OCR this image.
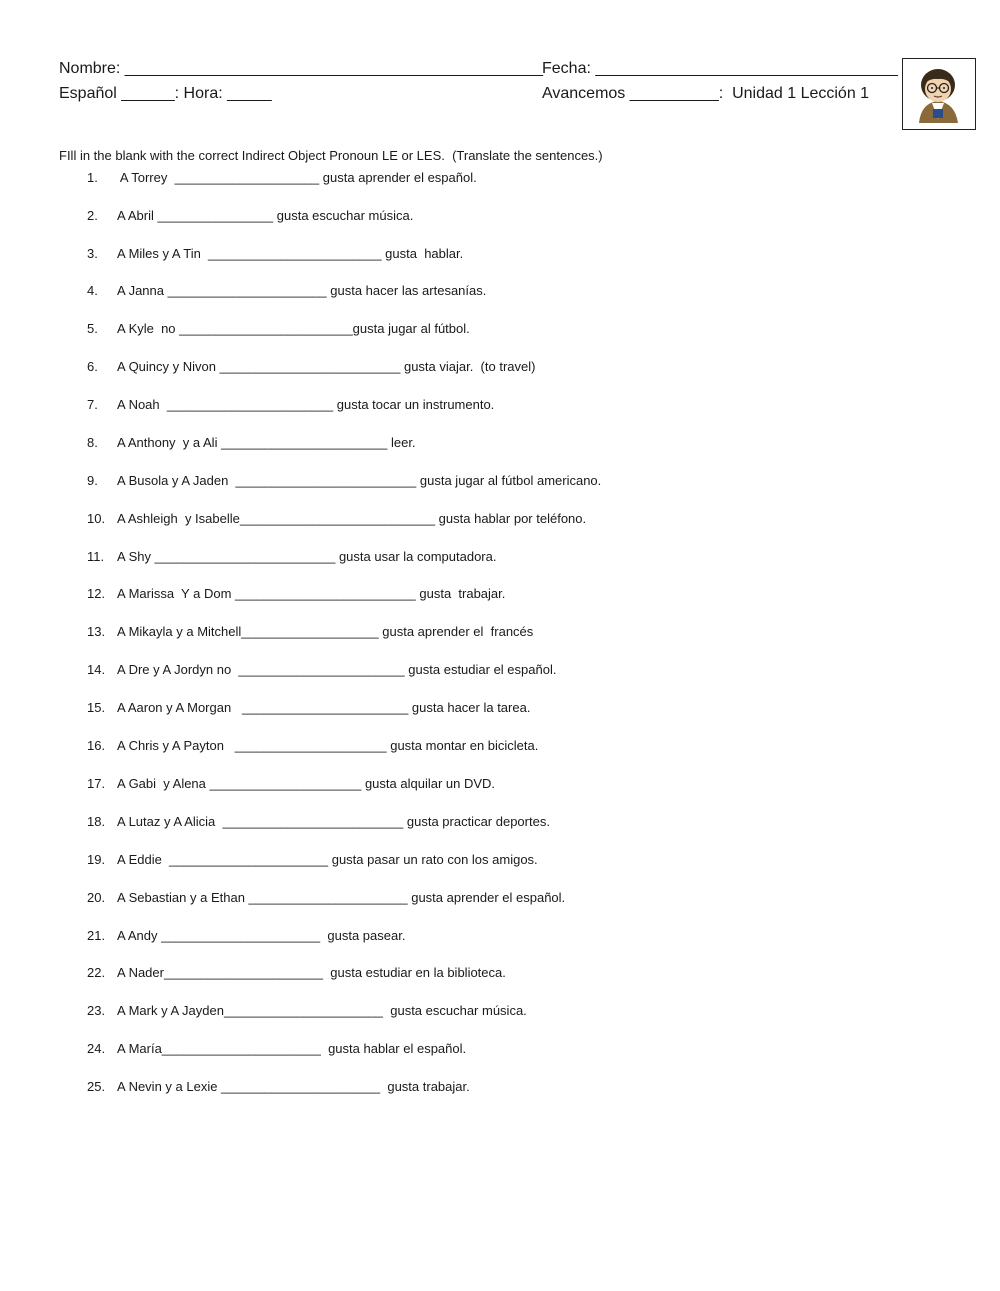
Nombre: _______________________________________________
Fecha: __________________________________
Español ______: Hora: _____	Avancemos __________:  Unidad 1 Lección 1
FIll in the blank with the correct Indirect Object Pronoun LE or LES.  (Translate the sentences.)
1. A Torrey  ____________________ gusta aprender el español.
2. A Abril ________________ gusta escuchar música.
3. A Miles y A Tin  ________________________ gusta  hablar.
4. A Janna ______________________ gusta hacer las artesanías.
5. A Kyle  no ________________________gusta jugar al fútbol.
6. A Quincy y Nivon _________________________ gusta viajar.  (to travel)
7. A Noah  _______________________ gusta tocar un instrumento.
8. A Anthony  y a Ali _______________________ leer.
9. A Busola y A Jaden  _________________________ gusta jugar al fútbol americano.
10. A Ashleigh  y Isabelle___________________________ gusta hablar por teléfono.
11. A Shy _________________________ gusta usar la computadora.
12. A Marissa  Y a Dom _________________________ gusta  trabajar.
13. A Mikayla y a Mitchell___________________ gusta aprender el  francés
14. A Dre y A Jordyn no  _______________________ gusta estudiar el español.
15. A Aaron y A Morgan   _______________________ gusta hacer la tarea.
16. A Chris y A Payton   _____________________ gusta montar en bicicleta.
17. A Gabi  y Alena _____________________ gusta alquilar un DVD.
18. A Lutaz y A Alicia  _________________________ gusta practicar deportes.
19. A Eddie  ______________________ gusta pasar un rato con los amigos.
20. A Sebastian y a Ethan ______________________ gusta aprender el español.
21. A Andy ______________________  gusta pasear.
22. A Nader______________________  gusta estudiar en la biblioteca.
23. A Mark y A Jayden______________________  gusta escuchar música.
24. A María______________________  gusta hablar el español.
25. A Nevin y a Lexie ______________________  gusta trabajar.
